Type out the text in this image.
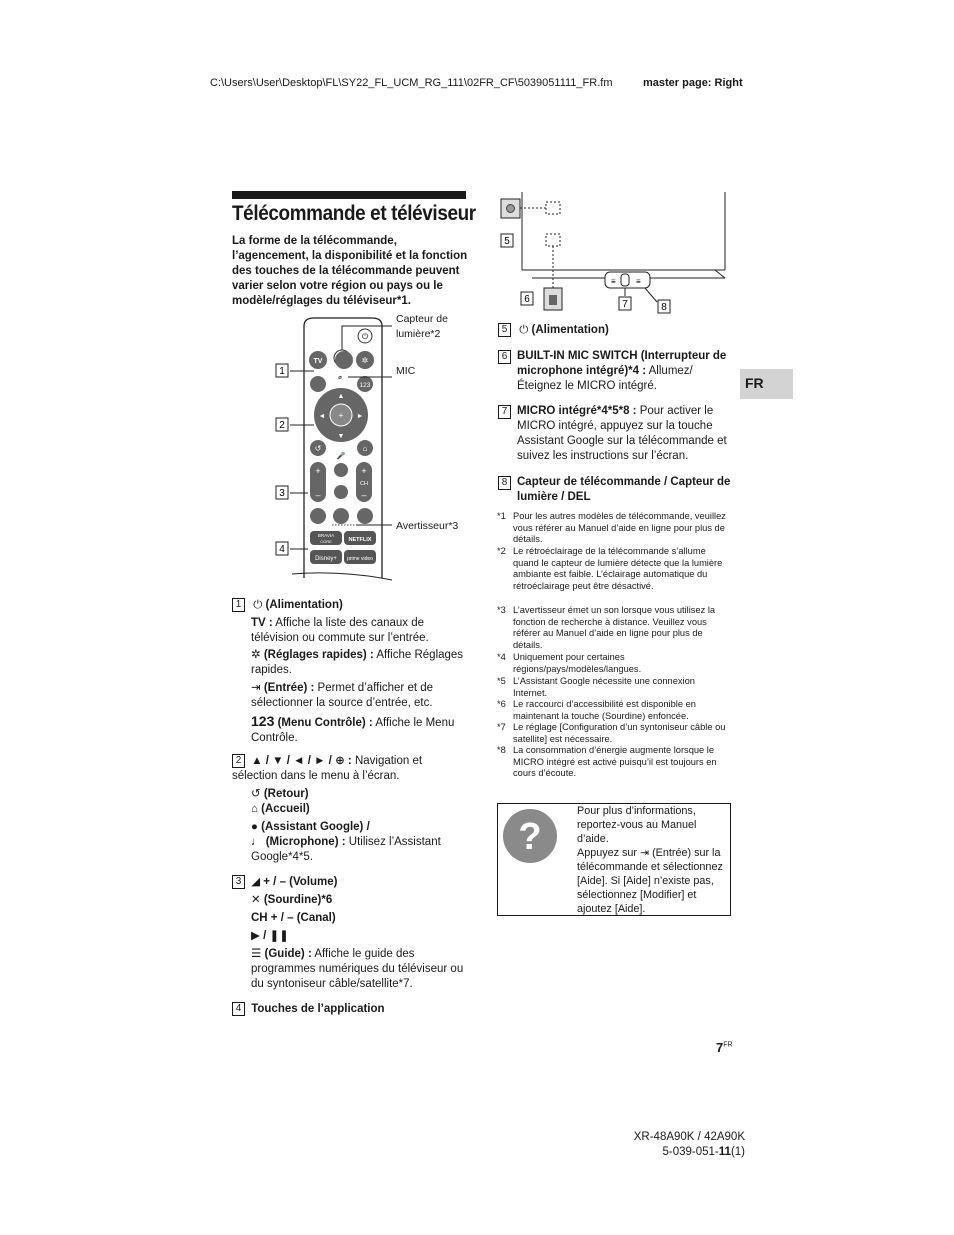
C:\Users\User\Desktop\FL\SY22_FL_UCM_RG_111\02FR_CF\5039051111_FR.fm	master page: Right
Télécommande et téléviseur
La forme de la télécommande, l’agencement, la disponibilité et la fonction des touches de la télécommande peuvent varier selon votre région ou pays ou le modèle/réglages du téléviseur*1.
⏻
TV	✲
⌀
123
+
▲
▼
◄	►
↺	⌂
🎤
+
–
+
CH
–
BRAVIA
CORE	NETFLIX
Disney+ prime video
1
2
3
4
Capteur de
lumière*2
MIC
Avertisseur*3
1 ⏻ (Alimentation)
TV : Affiche la liste des canaux de télévision ou commute sur l’entrée.
✲ (Réglages rapides) : Affiche Réglages rapides.
⇥ (Entrée) : Permet d’afficher et de sélectionner la source d’entrée, etc.
123 (Menu Contrôle) : Affiche le Menu Contrôle.
2 ▲ / ▼ / ◄ / ► / ⊕ : Navigation et sélection dans le menu à l’écran.
↺ (Retour)
⌂ (Accueil)
● (Assistant Google) /
♩ (Microphone) : Utilisez l’Assistant Google*4*5.
3 ◢ + / – (Volume)
✕ (Sourdine)*6
CH + / – (Canal)
▶ / ❚❚
☰ (Guide) : Affiche le guide des programmes numériques du téléviseur ou du syntoniseur câble/satellite*7.
4 Touches de l’application
≡	≡
5
6	7	8
5 ⏻ (Alimentation)
6 BUILT-IN MIC SWITCH (Interrupteur de microphone intégré)*4 : Allumez/Éteignez le MICRO intégré.
7 MICRO intégré*4*5*8 : Pour activer le MICRO intégré, appuyez sur la touche Assistant Google sur la télécommande et suivez les instructions sur l’écran.
8 Capteur de télécommande / Capteur de lumière / DEL
*1 Pour les autres modèles de télécommande, veuillez vous référer au Manuel d’aide en ligne pour plus de détails.
*2 Le rétroéclairage de la télécommande s’allume quand le capteur de lumière détecte que la lumière ambiante est faible. L’éclairage automatique du rétroéclairage peut être désactivé.
*3 L’avertisseur émet un son lorsque vous utilisez la fonction de recherche à distance. Veuillez vous référer au Manuel d’aide en ligne pour plus de détails.
*4 Uniquement pour certaines régions/pays/modèles/langues.
*5 L’Assistant Google nécessite une connexion Internet.
*6 Le raccourci d’accessibilité est disponible en maintenant la touche (Sourdine) enfoncée.
*7 Le réglage [Configuration d’un syntoniseur câble ou satellite] est nécessaire.
*8 La consommation d’énergie augmente lorsque le MICRO intégré est activé puisqu’il est toujours en cours d’écoute.
FR
?
Pour plus d’informations, reportez-vous au Manuel d’aide.
Appuyez sur ⇥ (Entrée) sur la télécommande et sélectionnez [Aide]. Si [Aide] n’existe pas, sélectionnez [Modifier] et ajoutez [Aide].
$7^{FR}$
XR-48A90K / 42A90K
5-039-051-11(1)
